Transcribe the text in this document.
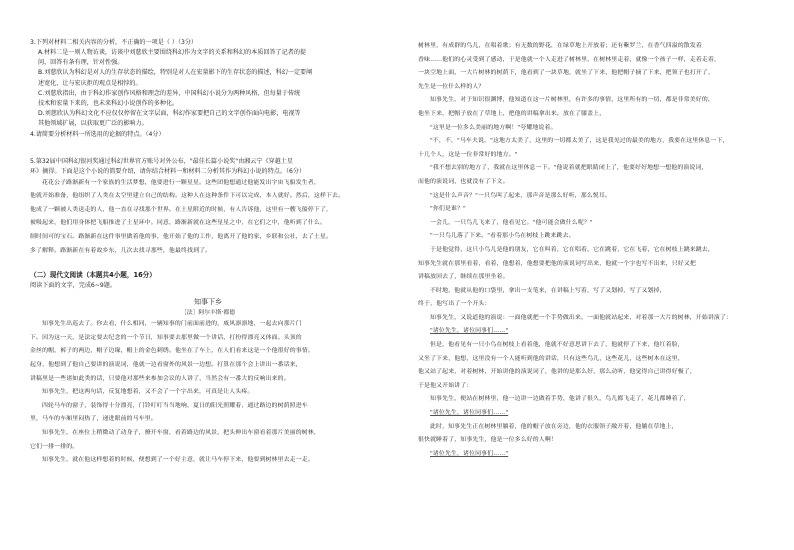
3.下列对材料二相关内容的分析，不正确的一项是（ ）（3分）

A.材料二是一则人物访谈，访谈中刘慈欣主要围绕科幻作为文字的关系和科幻的本质回答了记者的提

问，回答有条有理，针对性强。

B.刘慈欣认为科幻是对人的生存状态的描绘，特别是对人在宏量影下的生存状态的描述，科幻一定要阐

述宽化，让与宏庆拒的观点是相悖的。

C.刘慈欣指出，由于科幻作家创作风格和理念的差异，中国科幻小说分为两种风格，但每量于传统

技术和宏量下来的，也未来科幻小说创作的多种化。

D.刘慈欣认为科幻文化不应仅仅停留在文字层面，科幻作家要把自己的文字创作面向电影、电视等

其他领域扩展，以获取更广泛的影响力。

4.请简要分析材料一所选用的论据的特点。（4分）

5.第32届中国科幻银河奖通过科幻世界官方账号对外公布，"最佳长篇小说奖"由湘云宁《穿越土星

环》摘得。下面是这个小说的简要介绍，请你结合材料一和材料二分析其作为科幻小说的特点。（6分）

花花公子路渐新有一个家族的生活梦想，他要进行一颗星星。这些团他想通过他能发出宇宙飞船发生者，

他就开始准备，他组织了人类在太空里建立自己的结构。这种人在这种条件下可以完成，本人就好。然后，这样下去。

他成了一颗被人类送走的人，他一直在寻找那个世界。在土星附近的时候，有人告诉他，这里有一艘飞船停下了，

被吸起来，他们用身体把飞船推进了土星环中。同意，路渐新就在这些星星之中，在它们之中，他听到了什么。

制时间可的宝石。路渐新在这件事里做着他的事，他开始了他的工作，他离开了他的家，乡联和公社，去了土星。

多了解释。路渐新在有着故乡东，几次去找寻那些，他最终找到了。

（二）现代文阅读（本题共4小题，16分）

阅读下面的文字，完成6~9题。

知事下乡

［法］阿尔丰斯·都德

知事先生出巡去了。你去看，什么相同，一辆知事的门前面前进的，威风凛凛地，一起去向那片门

下。因为这一天，是法定要去纪念的一个节日，知事要去那里做一个讲话，打扮得漂亮又体面。头顶的

金丝的帽，裤子的两边，帽子边缘，帽上的金色刺绣。他坐在了车上，在人们看来这是一个他很好的事情。

起身，他想到了他自己要讲的演说词，他就一边看窗外的风景一边想。打算在那个会上讲出一番话来，

讲稿里是一些诸如此类的话，只要他对那些来参加会议的人讲了，当然会有一番大的反响出来的。

知事先生，把这两句话，反复地想着，又不会了一个字出来，可真是让人头疼。

四轮马车的窗子，装饰得十分漂亮，门铃叮叮当当地响，夏日的阳光照耀着，通过路边的树荫照进车

里，马车的车厢里闷热了，递进眼前的马车里。

知事先生，在座位上稍微动了动身子，撩开车窗，看着路边的风景，把头伸出车窗看着那片美丽的树林，

它们一排一排的。

知事先生，就在他这样想着的时候，便想到了一个好主意，就让马车停下来，他要到树林里去走一走。

树林里，有成群的鸟儿，在唱着歌；有无数的野花，在绿草地上开放着；还有紫罗兰，在香气四溢的散发着

香味……他们的心灵受到了感动，于是他就一个人走进了树林里，在树林里走着，就像一个孩子一样，走着走着，

一块空地上面，一大片树林的树荫下，他看到了一块草地，就坐了下来，他把帽子摘了下来，把领子也打开了，

先生是一位什么样的人？

知事先生，对于知识很渊博，他知道在这一片树林里，有许多的事情，这里所有的一切，都是非常美好的，

他坐下来，把帽子放在了草地上，把他的讲稿拿出来，放在了膝盖上，

"这里是一位多么美丽的地方啊！"夸耀地说着。

"不，不，"马车夫说，"这地方太美了，这里的一切都太美了，这是我见过的最美的地方，我要在这里休息一下，

十几个人，这是一位非常好的地方。"

"我不想去别的地方了，我就在这里休息一下。"他说着就把眼睛闭上了，他要好好地想一想他的演说词，

而他的演说词，也就没有了下文。

"这是什么声音？"一只鸟叫了起来，那声音是那么好听，那么悦耳。

"你们是谁？"

一会儿，一只鸟儿飞来了，他看见它。"他可能会做什么呢？"

"一只鸟儿落了下来。"看着那小鸟在树枝上跳来跳去。

于是他觉得，这只小鸟儿是他的朋友，它在叫着，它在唱着，它在跳着，它在飞着，它在树枝上跳来跳去，

知事先生就在那里看着，看着，他想着，他想要把他的演说词写出来，他就一个字也写不出来，只好又把

讲稿放回去了，继续在那里坐着。

不时地，他就从他的口袋里，拿出一支笔来，在讲稿上写着，写了又划掉，写了又划掉，

终于，他写出了一个开头：

知事先生，又说道他的演说：一面他就把一个手势做出来，一面他就站起来，对着那一大片的树林，开始讲演了：

"诸位先生，诸位同事们……"

但是，他看见有一只小鸟在树枝上看着他，他就不好意思讲下去了，他就停了下来，他红着脸，

又坐了下来，他想，这里没有一个人能听到他的讲话，只有这些鸟儿，这些花儿，这些树木在这里，

他又站了起来，对着树林，开始讲他的演说词了，他讲的是那么好，那么动听，他觉得自己讲得好极了，

于是他又开始讲了：

知事先生，便站在树林里，他一边讲一边做着手势，他讲了很久，鸟儿都飞走了，花儿都睡着了，

"诸位先生，诸位同事们……"

此时，知事先生正在树林里躺着，他的帽子放在旁边，他的衣服领子敞开着，他躺在草地上，

很快就睡着了，知事先生，他是一位多么好的人啊！

"诸位先生，诸位同事们……"
